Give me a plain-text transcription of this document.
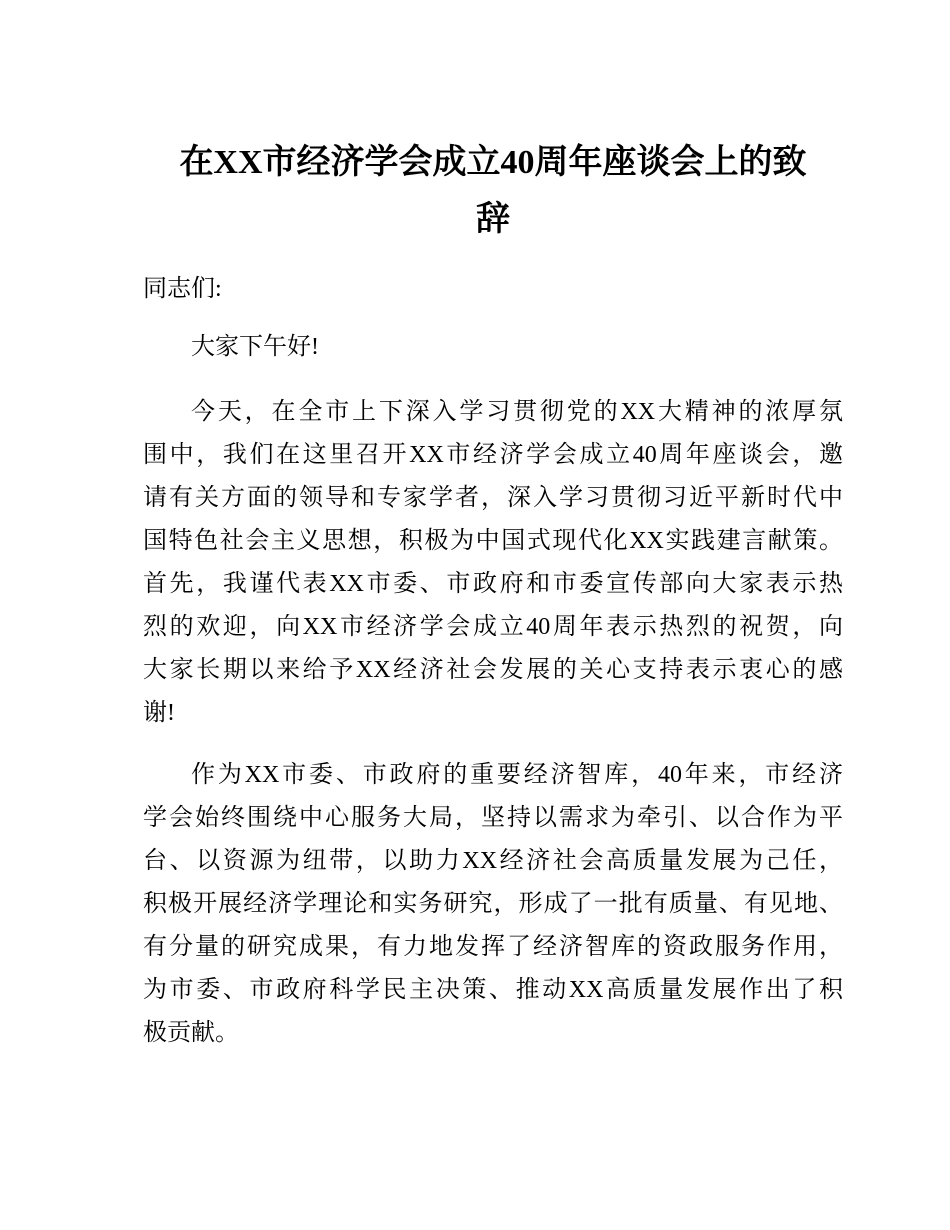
在XX市经济学会成立40周年座谈会上的致
辞
同志们:
大家下午好!
今天，在全市上下深入学习贯彻党的XX大精神的浓厚氛
围中，我们在这里召开XX市经济学会成立40周年座谈会，邀
请有关方面的领导和专家学者，深入学习贯彻习近平新时代中
国特色社会主义思想，积极为中国式现代化XX实践建言献策。
首先，我谨代表XX市委、市政府和市委宣传部向大家表示热
烈的欢迎，向XX市经济学会成立40周年表示热烈的祝贺，向
大家长期以来给予XX经济社会发展的关心支持表示衷心的感
谢!
作为XX市委、市政府的重要经济智库，40年来，市经济
学会始终围绕中心服务大局，坚持以需求为牵引、以合作为平
台、以资源为纽带，以助力XX经济社会高质量发展为己任，
积极开展经济学理论和实务研究，形成了一批有质量、有见地、
有分量的研究成果，有力地发挥了经济智库的资政服务作用，
为市委、市政府科学民主决策、推动XX高质量发展作出了积
极贡献。
